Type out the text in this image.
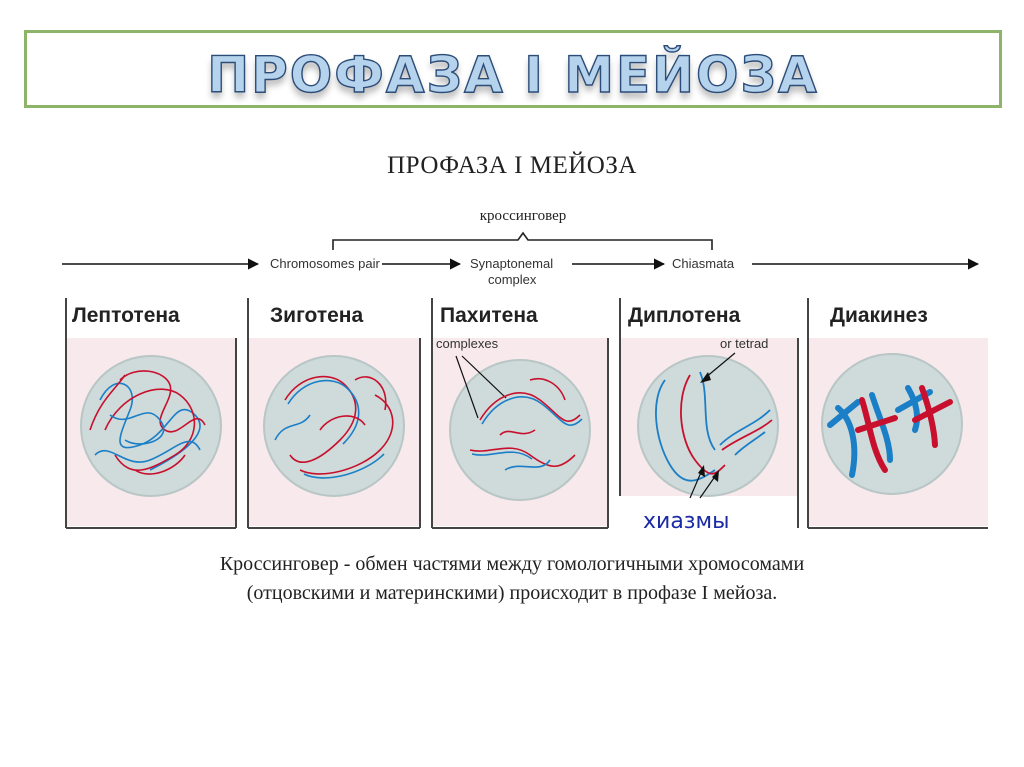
ПРОФАЗА I МЕЙОЗА
ПРОФАЗА I МЕЙОЗА
кроссинговер
Chromosomes pair	Synaptonemal
complex
Chiasmata
Лептотена	Зиготена	Пахитена
complexes
Диплотена
or tetrad
Диакинез
хиазмы
Кроссинговер - обмен частями между гомологичными хромосомами
(отцовскими и материнскими) происходит в профазе I мейоза.
